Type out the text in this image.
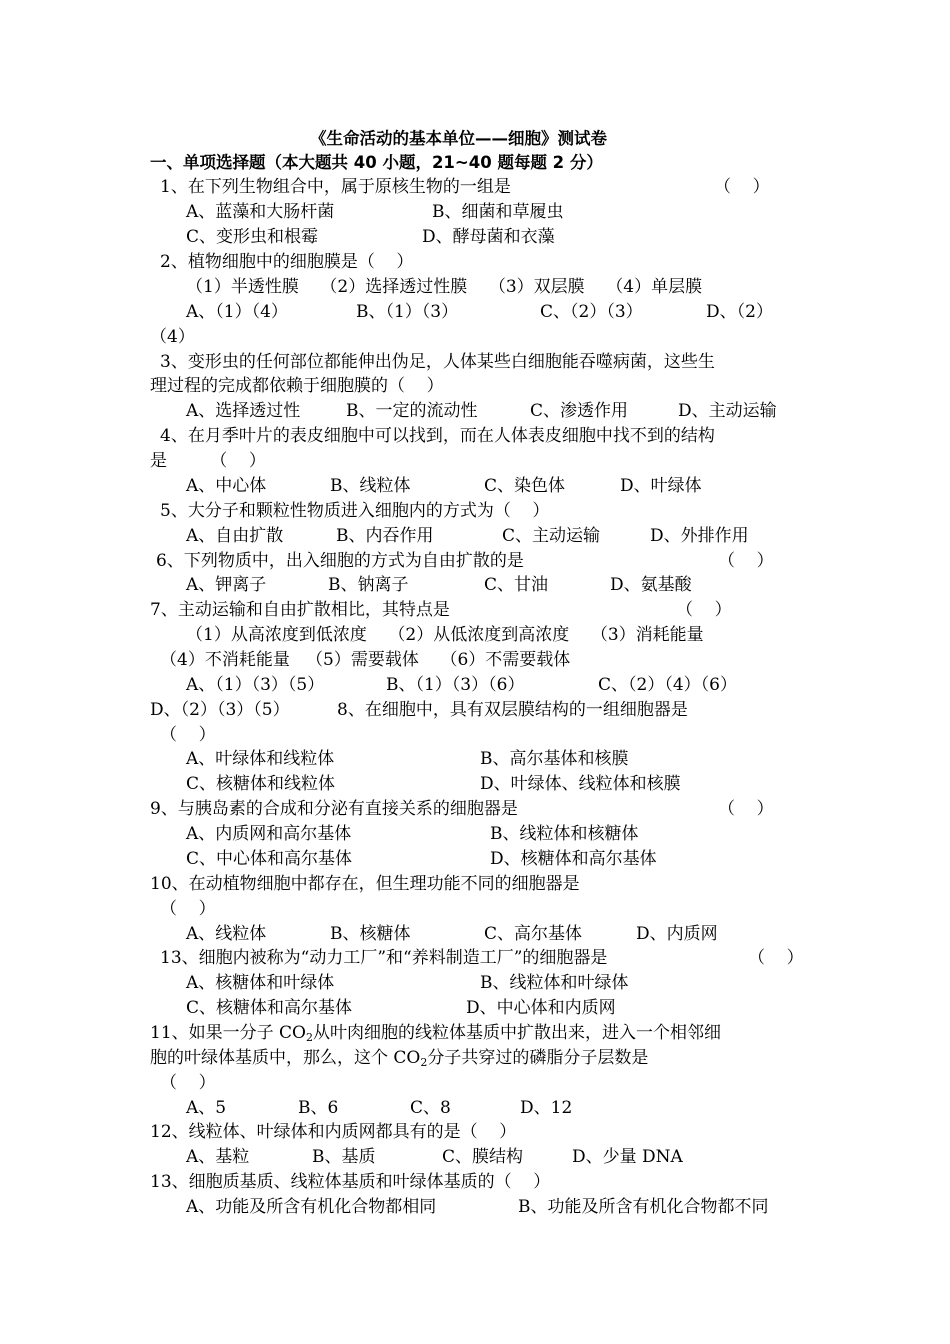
《生命活动的基本单位——细胞》测试卷
一、单项选择题（本大题共 40 小题，21~40 题每题 2 分）
1、在下列生物组合中，属于原核生物的一组是	（    ）
A、蓝藻和大肠杆菌	B、细菌和草履虫
C、变形虫和根霉	D、酵母菌和衣藻
2、植物细胞中的细胞膜是（    ）
（1）半透性膜    （2）选择透过性膜    （3）双层膜    （4）单层膜
A、（1）（4）	B、（1）（3）	C、（2）（3）	D、（2）
（4）
3、变形虫的任何部位都能伸出伪足，人体某些白细胞能吞噬病菌，这些生
理过程的完成都依赖于细胞膜的（    ）
A、选择透过性	B、一定的流动性	C、渗透作用	D、主动运输
4、在月季叶片的表皮细胞中可以找到，而在人体表皮细胞中找不到的结构
是        （    ）
A、中心体	B、线粒体	C、染色体	D、叶绿体
5、大分子和颗粒性物质进入细胞内的方式为（    ）
A、自由扩散	B、内吞作用	C、主动运输	D、外排作用
6、下列物质中，出入细胞的方式为自由扩散的是	（    ）
A、钾离子	B、钠离子	C、甘油	D、氨基酸
7、主动运输和自由扩散相比，其特点是	（    ）
（1）从高浓度到低浓度    （2）从低浓度到高浓度    （3）消耗能量
（4）不消耗能量   （5）需要载体    （6）不需要载体
A、（1）（3）（5）	B、（1）（3）（6）	C、（2）（4）（6）
D、（2）（3）（5）	8、在细胞中，具有双层膜结构的一组细胞器是
（    ）
A、叶绿体和线粒体	B、高尔基体和核膜
C、核糖体和线粒体	D、叶绿体、线粒体和核膜
9、与胰岛素的合成和分泌有直接关系的细胞器是	（    ）
A、内质网和高尔基体	B、线粒体和核糖体
C、中心体和高尔基体	D、核糖体和高尔基体
10、在动植物细胞中都存在，但生理功能不同的细胞器是
（    ）
A、线粒体	B、核糖体	C、高尔基体	D、内质网
13、细胞内被称为“动力工厂”和“养料制造工厂”的细胞器是	（    ）
A、核糖体和叶绿体	B、线粒体和叶绿体
C、核糖体和高尔基体	D、中心体和内质网
11、如果一分子 $CO_2$从叶肉细胞的线粒体基质中扩散出来，进入一个相邻细
胞的叶绿体基质中，那么，这个 $CO_2$分子共穿过的磷脂分子层数是
（    ）
A、5	B、6	C、8	D、12
12、线粒体、叶绿体和内质网都具有的是（    ）
A、基粒	B、基质	C、膜结构	D、少量 DNA
13、细胞质基质、线粒体基质和叶绿体基质的（    ）
A、功能及所含有机化合物都相同	B、功能及所含有机化合物都不同
